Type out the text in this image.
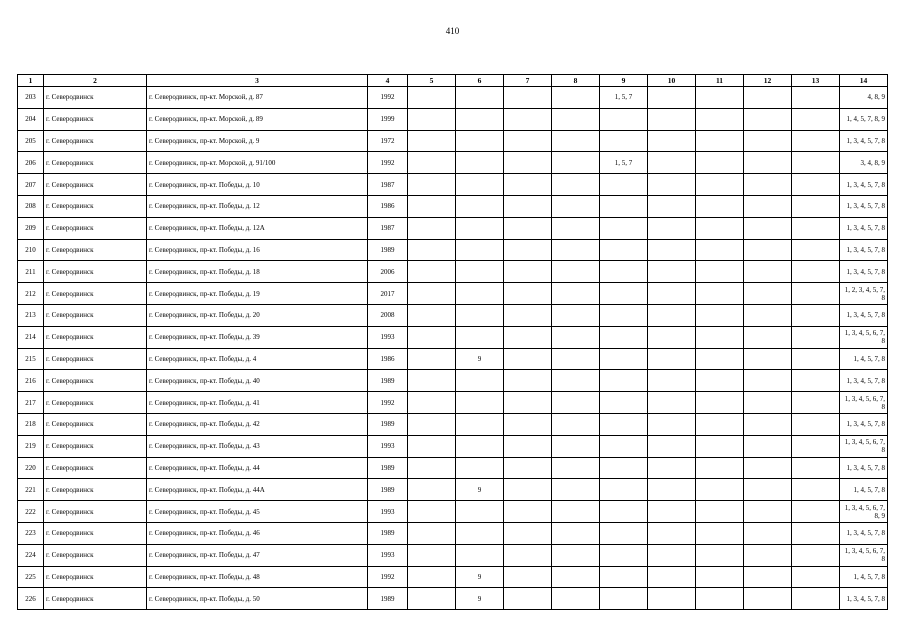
410
1	2	3	4	5	6	7	8	9	10	11	12	13	14
203	г. Северодвинск	г. Северодвинск, пр-кт. Морской, д. 87	1992					1, 5, 7					4, 8, 9
204	г. Северодвинск	г. Северодвинск, пр-кт. Морской, д. 89	1999										1, 4, 5, 7, 8, 9
205	г. Северодвинск	г. Северодвинск, пр-кт. Морской, д. 9	1972										1, 3, 4, 5, 7, 8
206	г. Северодвинск	г. Северодвинск, пр-кт. Морской, д. 91/100	1992					1, 5, 7					3, 4, 8, 9
207	г. Северодвинск	г. Северодвинск, пр-кт. Победы, д. 10	1987										1, 3, 4, 5, 7, 8
208	г. Северодвинск	г. Северодвинск, пр-кт. Победы, д. 12	1986										1, 3, 4, 5, 7, 8
209	г. Северодвинск	г. Северодвинск, пр-кт. Победы, д. 12А	1987										1, 3, 4, 5, 7, 8
210	г. Северодвинск	г. Северодвинск, пр-кт. Победы, д. 16	1989										1, 3, 4, 5, 7, 8
211	г. Северодвинск	г. Северодвинск, пр-кт. Победы, д. 18	2006										1, 3, 4, 5, 7, 8
212	г. Северодвинск	г. Северодвинск, пр-кт. Победы, д. 19	2017										1, 2, 3, 4, 5, 7, 8
213	г. Северодвинск	г. Северодвинск, пр-кт. Победы, д. 20	2008										1, 3, 4, 5, 7, 8
214	г. Северодвинск	г. Северодвинск, пр-кт. Победы, д. 39	1993										1, 3, 4, 5, 6, 7, 8
215	г. Северодвинск	г. Северодвинск, пр-кт. Победы, д. 4	1986		9								1, 4, 5, 7, 8
216	г. Северодвинск	г. Северодвинск, пр-кт. Победы, д. 40	1989										1, 3, 4, 5, 7, 8
217	г. Северодвинск	г. Северодвинск, пр-кт. Победы, д. 41	1992										1, 3, 4, 5, 6, 7, 8
218	г. Северодвинск	г. Северодвинск, пр-кт. Победы, д. 42	1989										1, 3, 4, 5, 7, 8
219	г. Северодвинск	г. Северодвинск, пр-кт. Победы, д. 43	1993										1, 3, 4, 5, 6, 7, 8
220	г. Северодвинск	г. Северодвинск, пр-кт. Победы, д. 44	1989										1, 3, 4, 5, 7, 8
221	г. Северодвинск	г. Северодвинск, пр-кт. Победы, д. 44А	1989		9								1, 4, 5, 7, 8
222	г. Северодвинск	г. Северодвинск, пр-кт. Победы, д. 45	1993										1, 3, 4, 5, 6, 7, 8, 9
223	г. Северодвинск	г. Северодвинск, пр-кт. Победы, д. 46	1989										1, 3, 4, 5, 7, 8
224	г. Северодвинск	г. Северодвинск, пр-кт. Победы, д. 47	1993										1, 3, 4, 5, 6, 7, 8
225	г. Северодвинск	г. Северодвинск, пр-кт. Победы, д. 48	1992		9								1, 4, 5, 7, 8
226	г. Северодвинск	г. Северодвинск, пр-кт. Победы, д. 50	1989		9								1, 3, 4, 5, 7, 8
